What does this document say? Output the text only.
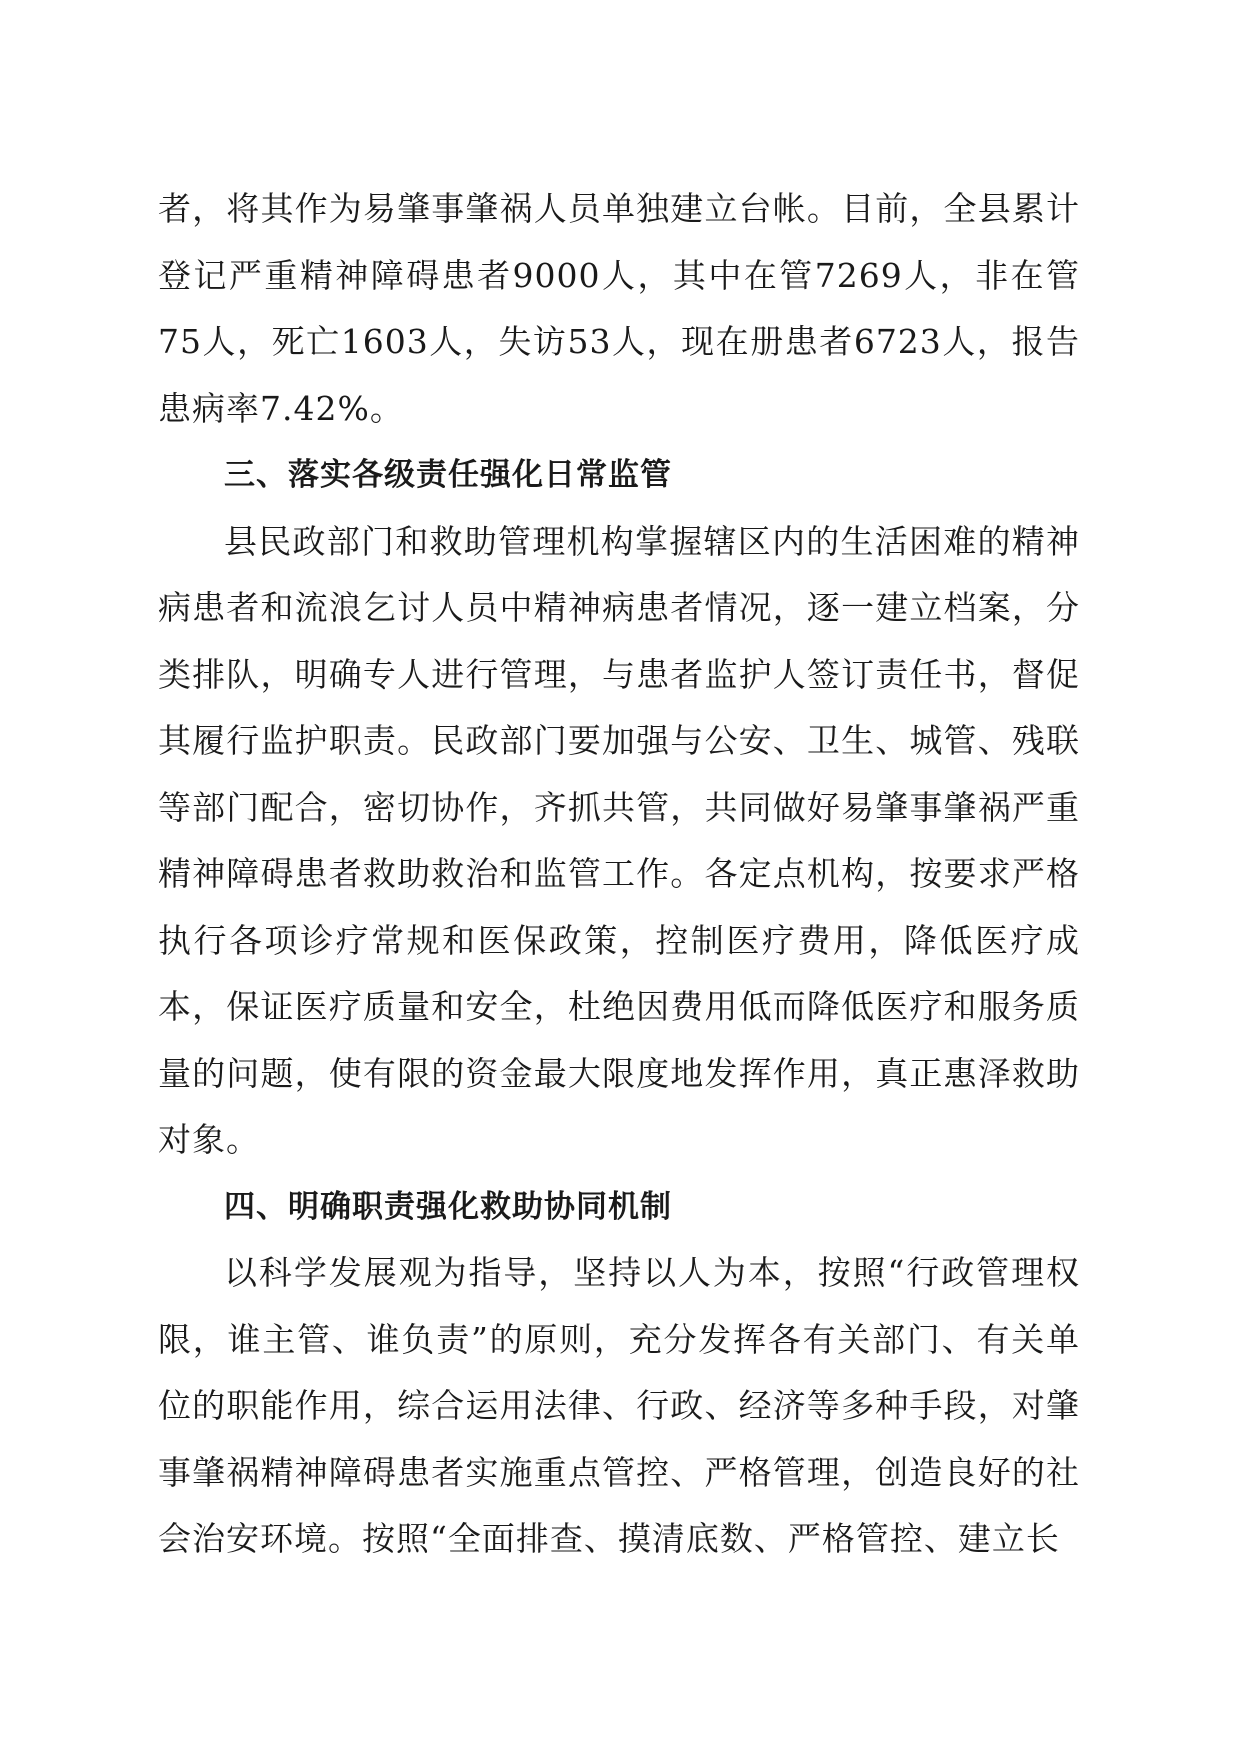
者，将其作为易肇事肇祸人员单独建立台帐。目前，全县累计登记严重精神障碍患者9000人，其中在管7269人，非在管75人，死亡1603人，失访53人，现在册患者6723人，报告患病率7.42%。

三、落实各级责任强化日常监管

县民政部门和救助管理机构掌握辖区内的生活困难的精神病患者和流浪乞讨人员中精神病患者情况，逐一建立档案，分类排队，明确专人进行管理，与患者监护人签订责任书，督促其履行监护职责。民政部门要加强与公安、卫生、城管、残联等部门配合，密切协作，齐抓共管，共同做好易肇事肇祸严重精神障碍患者救助救治和监管工作。各定点机构，按要求严格执行各项诊疗常规和医保政策，控制医疗费用，降低医疗成本，保证医疗质量和安全，杜绝因费用低而降低医疗和服务质量的问题，使有限的资金最大限度地发挥作用，真正惠泽救助对象。

四、明确职责强化救助协同机制

以科学发展观为指导，坚持以人为本，按照“行政管理权限，谁主管、谁负责”的原则，充分发挥各有关部门、有关单位的职能作用，综合运用法律、行政、经济等多种手段，对肇事肇祸精神障碍患者实施重点管控、严格管理，创造良好的社会治安环境。按照“全面排查、摸清底数、严格管控、建立长
